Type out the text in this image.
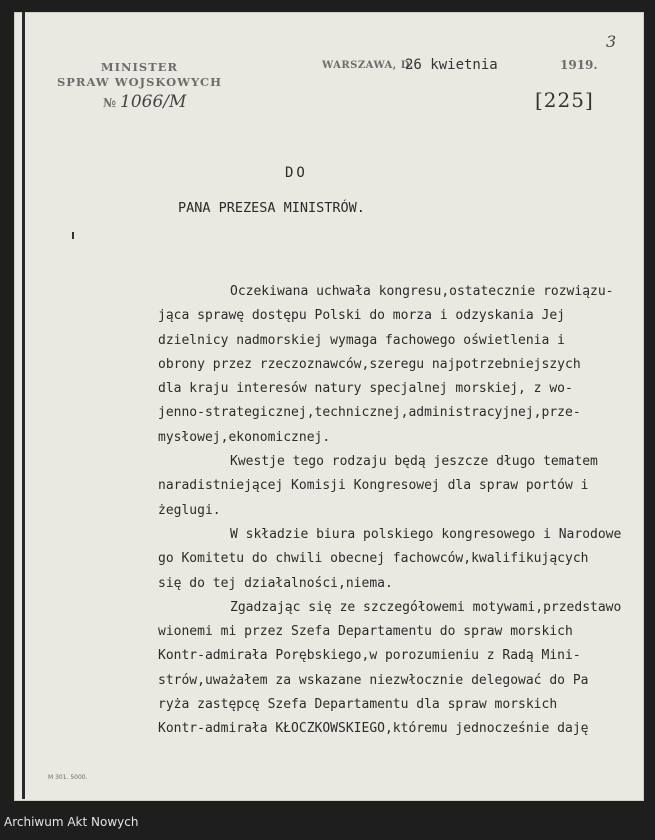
MINISTER
SPRAW WOJSKOWYCH
№ 1066/M
WARSZAWA, D.
26 kwietnia	1919.
3
[225]
DO
PANA PREZESA MINISTRÓW.
Oczekiwana uchwała kongresu,ostatecznie rozwiązu-
jąca sprawę dostępu Polski do morza i odzyskania Jej
dzielnicy nadmorskiej wymaga fachowego oświetlenia i
obrony przez rzeczoznawców,szeregu najpotrzebniejszych
dla kraju interesów natury specjalnej morskiej, z wo-
jenno-strategicznej,technicznej,administracyjnej,prze-
mysłowej,ekonomicznej.
Kwestje tego rodzaju będą jeszcze długo tematem
naradistniejącej Komisji Kongresowej dla spraw portów i
żeglugi.
W składzie biura polskiego kongresowego i Narodowe
go Komitetu do chwili obecnej fachowców,kwalifikujących
się do tej działalności,niema.
Zgadzając się ze szczegółowemi motywami,przedstawo
wionemi mi przez Szefa Departamentu do spraw morskich
Kontr-admirała Porębskiego,w porozumieniu z Radą Mini-
strów,uważałem za wskazane niezwłocznie delegować do Pa
ryża zastępcę Szefa Departamentu dla spraw morskich
Kontr-admirała KŁOCZKOWSKIEGO,któremu jednocześnie daję
M 301. 5000.
Archiwum Akt Nowych
